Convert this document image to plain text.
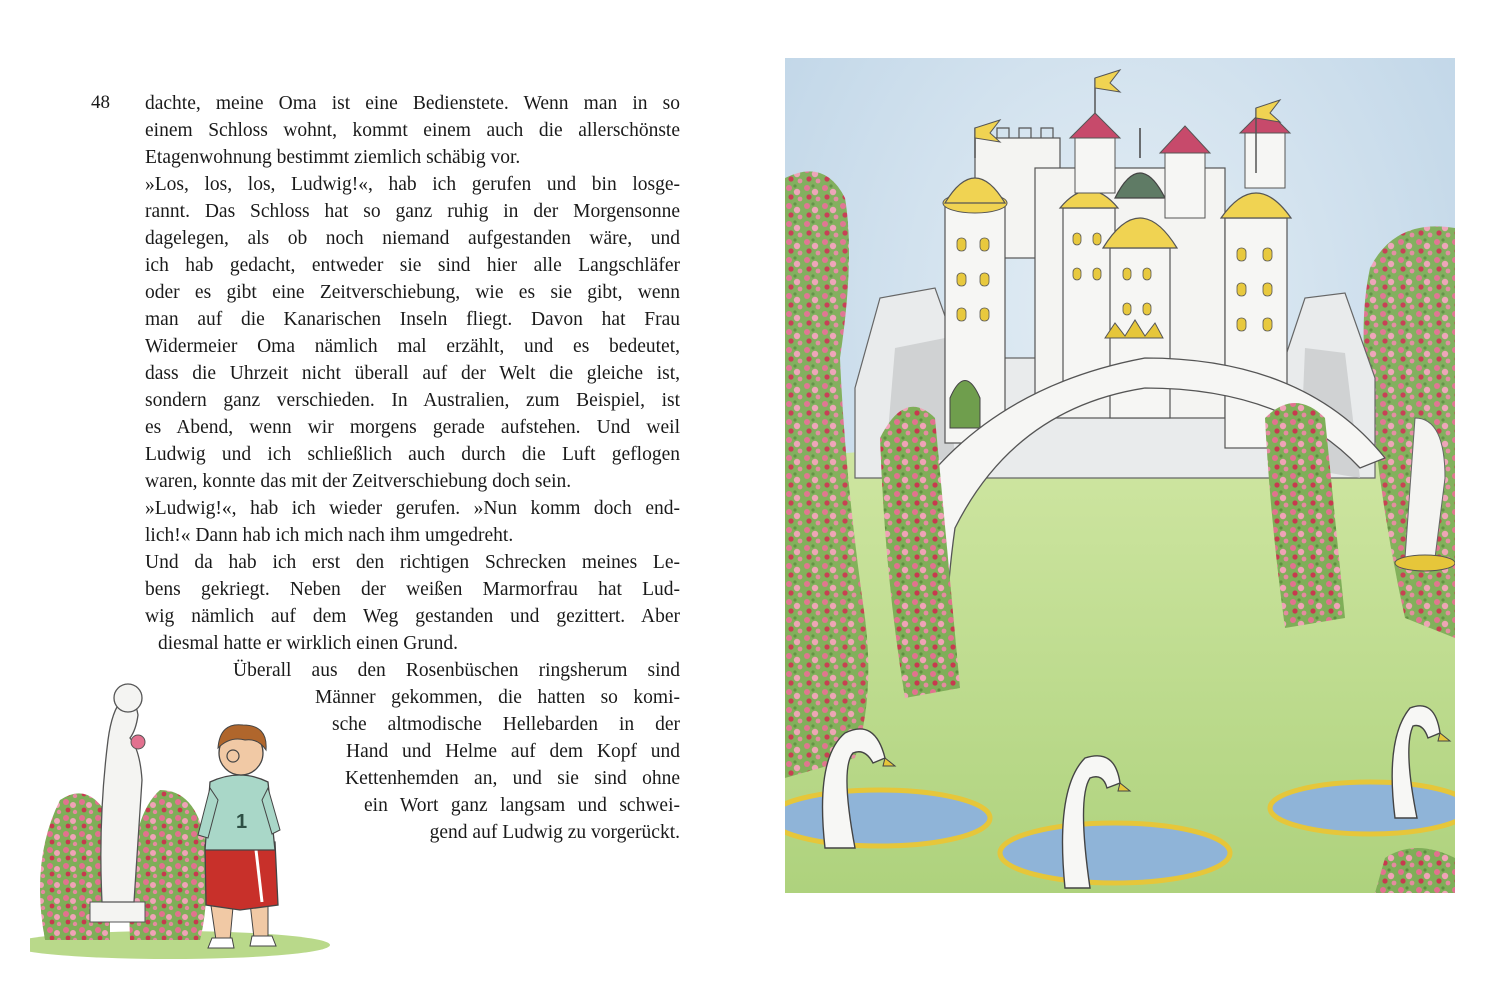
48 dachte, meine Oma ist eine Bedienstete. Wenn man in so
einem Schloss wohnt, kommt einem auch die allerschönste
Etagenwohnung bestimmt ziemlich schäbig vor.
»Los, los, los, Ludwig!«, hab ich gerufen und bin losge-
rannt. Das Schloss hat so ganz ruhig in der Morgensonne
dagelegen, als ob noch niemand aufgestanden wäre, und
ich hab gedacht, entweder sie sind hier alle Langschläfer
oder es gibt eine Zeitverschiebung, wie es sie gibt, wenn
man auf die Kanarischen Inseln fliegt. Davon hat Frau
Widermeier Oma nämlich mal erzählt, und es bedeutet,
dass die Uhrzeit nicht überall auf der Welt die gleiche ist,
sondern ganz verschieden. In Australien, zum Beispiel, ist
es Abend, wenn wir morgens gerade aufstehen. Und weil
Ludwig und ich schließlich auch durch die Luft geflogen
waren, konnte das mit der Zeitverschiebung doch sein.
»Ludwig!«, hab ich wieder gerufen. »Nun komm doch end-
lich!« Dann hab ich mich nach ihm umgedreht.
Und da hab ich erst den richtigen Schrecken meines Le-
bens gekriegt. Neben der weißen Marmorfrau hat Lud-
wig nämlich auf dem Weg gestanden und gezittert. Aber
diesmal hatte er wirklich einen Grund.
Überall aus den Rosenbüschen ringsherum sind
Männer gekommen, die hatten so komi-
sche altmodische Hellebarden in der
Hand und Helme auf dem Kopf und
Kettenhemden an, und sie sind ohne
ein Wort ganz langsam und schwei-
gend auf Ludwig zu vorgerückt.
1
